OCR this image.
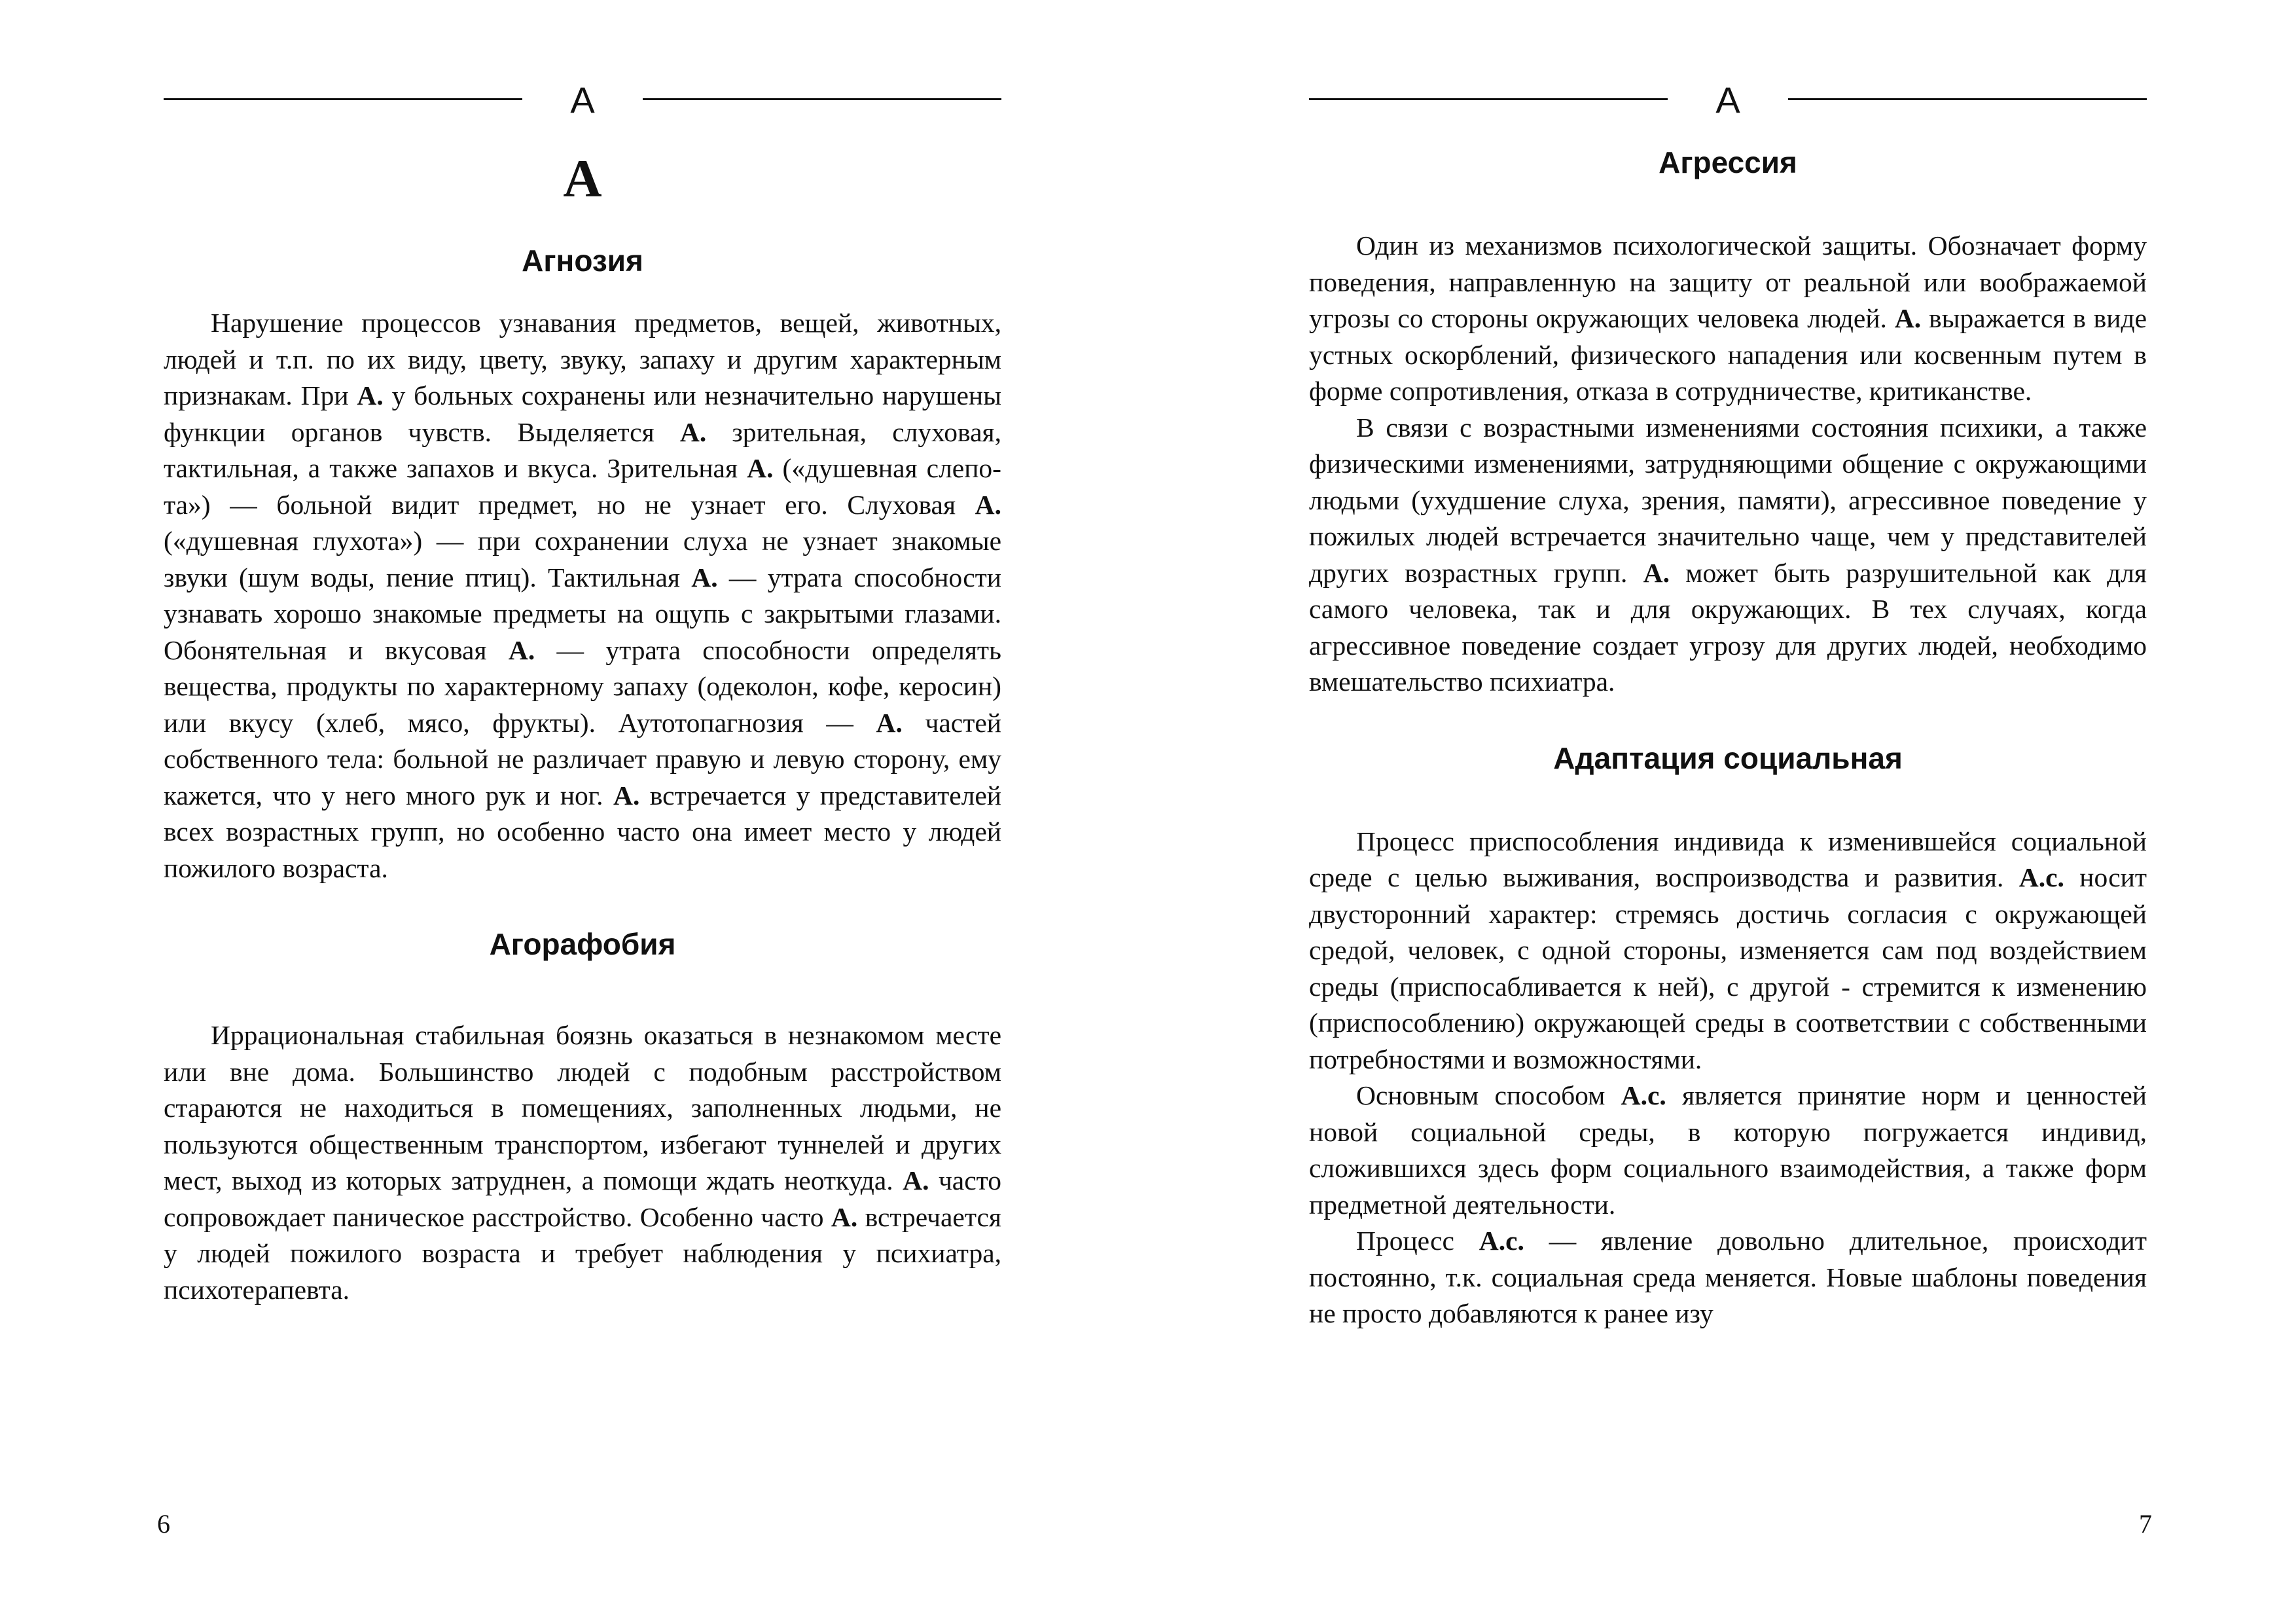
А
А
Агнозия

Нарушение процессов узнавания предметов, вещей, животных, людей и т.п. по их виду, цвету, звуку, запаху и другим характерным признакам. При А. у больных сохранены или незначительно нарушены функции органов чувств. Выделяется А. зрительная, слуховая, тактильная, а также запахов и вкуса. Зрительная А. («душевная слепота») — больной видит предмет, но не узнает его. Слуховая А. («душевная глухота») — при сохранении слуха не узнает знакомые звуки (шум воды, пение птиц). Тактильная А. — утрата способности узнавать хорошо знакомые предметы на ощупь с закрытыми глазами. Обонятельная и вкусовая А. — утрата способности определять вещества, продукты по характерному запаху (одеколон, кофе, керосин) или вкусу (хлеб, мясо, фрукты). Аутотопагнозия — А. частей собственного тела: больной не различает правую и левую сторону, ему кажется, что у него много рук и ног. А. встречается у представителей всех возрастных групп, но особенно часто она имеет место у людей пожилого возраста.

Агорафобия

Иррациональная стабильная боязнь оказаться в незнакомом месте или вне дома. Большинство людей с подобным расстройством стараются не находиться в помещениях, заполненных людьми, не пользуются общественным транспортом, избегают туннелей и других мест, выход из которых затруднен, а помощи ждать неоткуда. А. часто сопровождает паническое расстройство. Особенно часто А. встречается у людей пожилого возраста и требует наблюдения у психиатра, психотерапевта.

6
А
Агрессия

Один из механизмов психологической защиты. Обозначает форму поведения, направленную на защиту от реальной или воображаемой угрозы со стороны окружающих человека людей. А. выражается в виде устных оскорблений, физического нападения или косвенным путем в форме сопротивления, отказа в сотрудничестве, критиканстве.

В связи с возрастными изменениями состояния психики, а также физическими изменениями, затрудняющими общение с окружающими людьми (ухудшение слуха, зрения, памяти), агрессивное поведение у пожилых людей встречается значительно чаще, чем у представителей других возрастных групп. А. может быть разрушительной как для самого человека, так и для окружающих. В тех случаях, когда агрессивное поведение создает угрозу для других людей, необходимо вмешательство психиатра.

Адаптация социальная

Процесс приспособления индивида к изменившейся социальной среде с целью выживания, воспроизводства и развития. А.с. носит двусторонний характер: стремясь достичь согласия с окружающей средой, человек, с одной стороны, изменяется сам под воздействием среды (приспосабливается к ней), с другой - стремится к изменению (приспособлению) окружающей среды в соответствии с собственными потребностями и возможностями.

Основным способом А.с. является принятие норм и ценностей новой социальной среды, в которую погружается индивид, сложившихся здесь форм социального взаимодействия, а также форм предметной деятельности.

Процесс А.с. — явление довольно длительное, происходит постоянно, т.к. социальная среда меняется. Новые шаблоны поведения не просто добавляются к ранее изу

7
